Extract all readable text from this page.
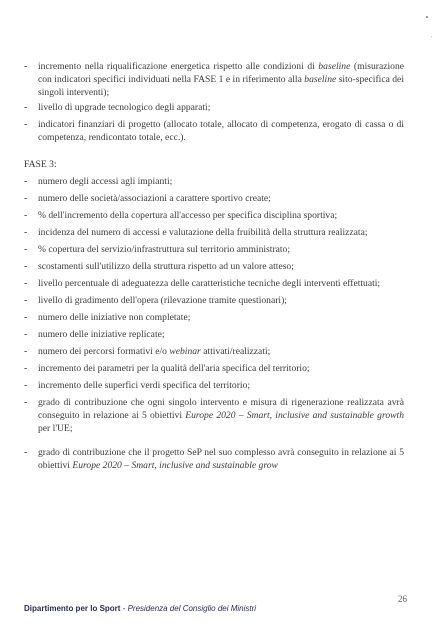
- incremento nella riqualificazione energetica rispetto alle condizioni di baseline (misurazione con indicatori specifici individuati nella FASE 1 e in riferimento alla baseline sito-specifica dei singoli interventi);
- livello di upgrade tecnologico degli apparati;
- indicatori finanziari di progetto (allocato totale, allocato di competenza, erogato di cassa o di competenza, rendicontato totale, ecc.).
FASE 3:
- numero degli accessi agli impianti;
- numero delle società/associazioni a carattere sportivo create;
- % dell'incremento della copertura all'accesso per specifica disciplina sportiva;
- incidenza del numero di accessi e valutazione della fruibilità della struttura realizzata;
- % copertura del servizio/infrastruttura sul territorio amministrato;
- scostamenti sull'utilizzo della struttura rispetto ad un valore atteso;
- livello percentuale di adeguatezza delle caratteristiche tecniche degli interventi effettuati;
- livello di gradimento dell'opera (rilevazione tramite questionari);
- numero delle iniziative non completate;
- numero delle iniziative replicate;
- numero dei percorsi formativi e/o webinar attivati/realizzati;
- incremento dei parametri per la qualità dell'aria specifica del territorio;
- incremento delle superfici verdi specifica del territorio;
- grado di contribuzione che ogni singolo intervento e misura di rigenerazione realizzata avrà conseguito in relazione ai 5 obiettivi Europe 2020 – Smart, inclusive and sustainable growth per l'UE;
- grado di contribuzione che il progetto SeP nel suo complesso avrà conseguito in relazione ai 5 obiettivi Europe 2020 – Smart, inclusive and sustainable grow
Dipartimento per lo Sport - Presidenza del Consiglio dei Ministri
26
